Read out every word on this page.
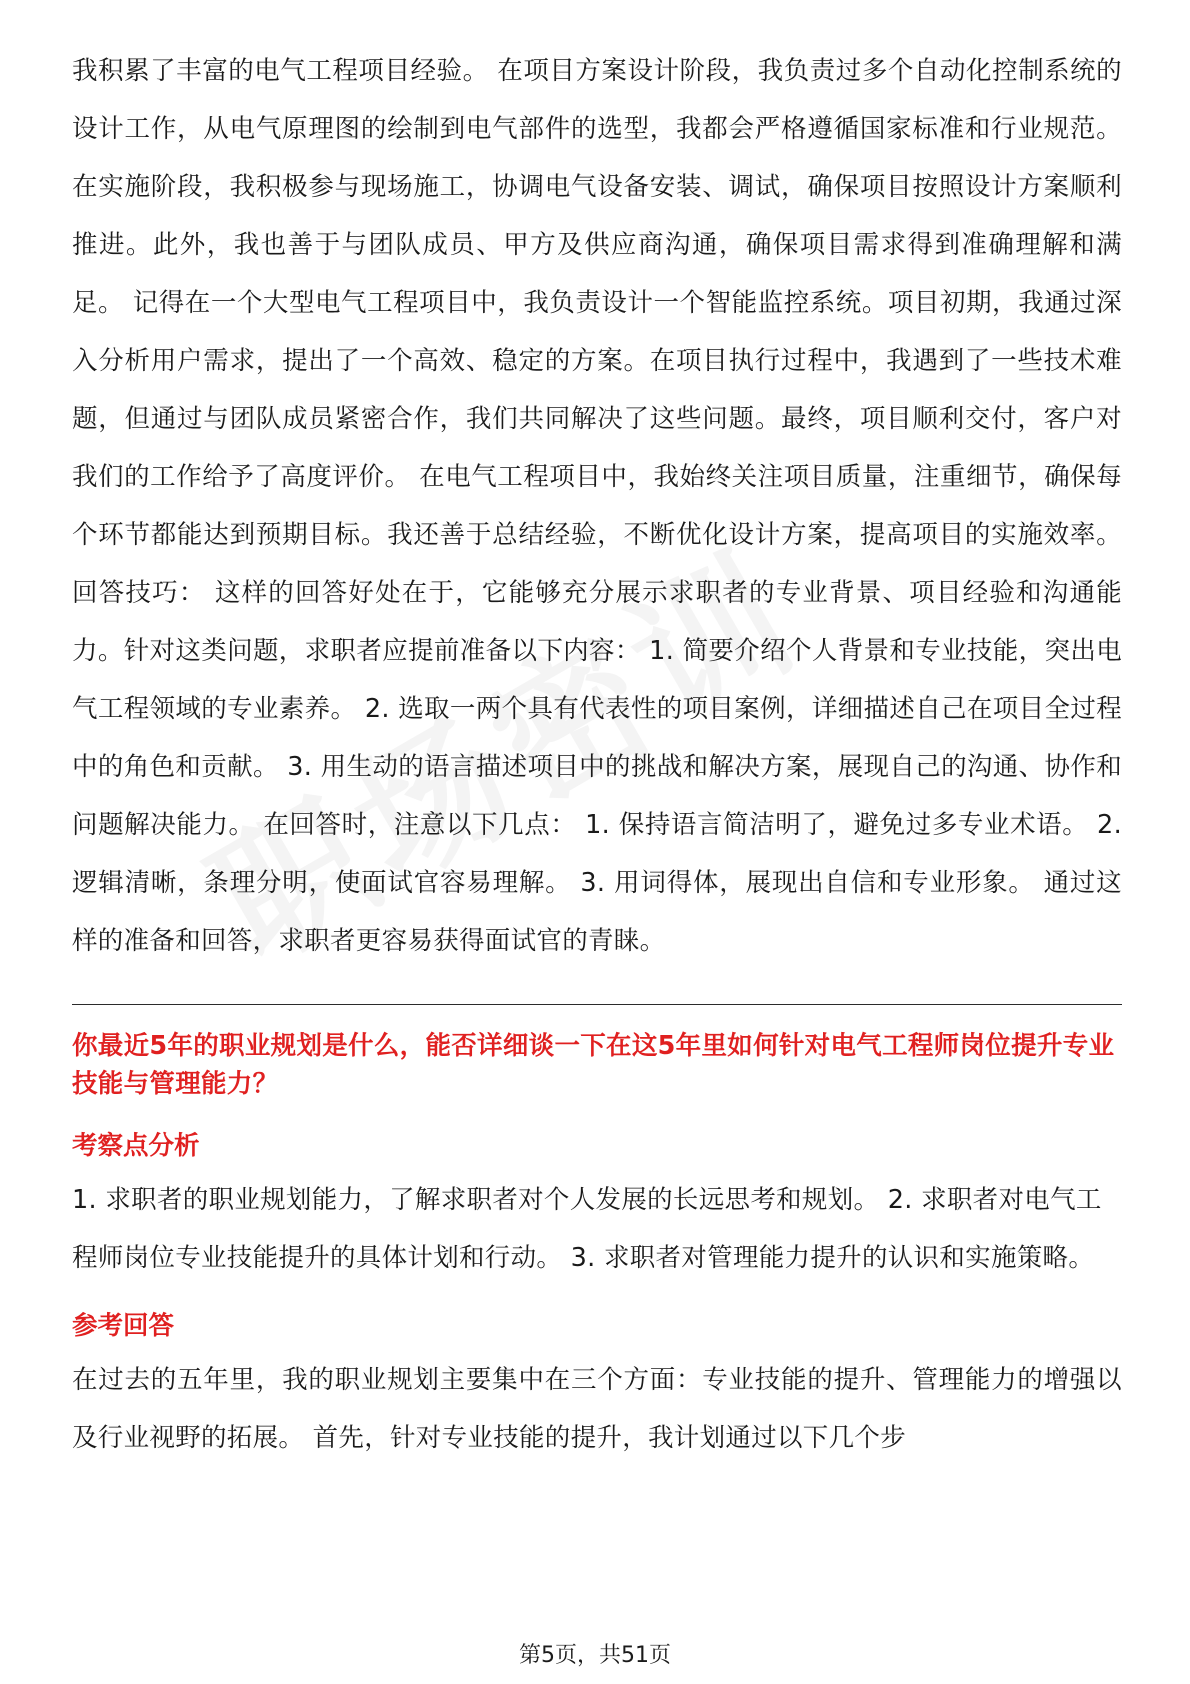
我积累了丰富的电气工程项目经验。 在项目方案设计阶段，我负责过多个自动化控制系统的设计工作，从电气原理图的绘制到电气部件的选型，我都会严格遵循国家标准和行业规范。在实施阶段，我积极参与现场施工，协调电气设备安装、调试，确保项目按照设计方案顺利推进。此外，我也善于与团队成员、甲方及供应商沟通，确保项目需求得到准确理解和满足。 记得在一个大型电气工程项目中，我负责设计一个智能监控系统。项目初期，我通过深入分析用户需求，提出了一个高效、稳定的方案。在项目执行过程中，我遇到了一些技术难题，但通过与团队成员紧密合作，我们共同解决了这些问题。最终，项目顺利交付，客户对我们的工作给予了高度评价。 在电气工程项目中，我始终关注项目质量，注重细节，确保每个环节都能达到预期目标。我还善于总结经验，不断优化设计方案，提高项目的实施效率。 回答技巧： 这样的回答好处在于，它能够充分展示求职者的专业背景、项目经验和沟通能力。针对这类问题，求职者应提前准备以下内容： 1. 简要介绍个人背景和专业技能，突出电气工程领域的专业素养。 2. 选取一两个具有代表性的项目案例，详细描述自己在项目全过程中的角色和贡献。 3. 用生动的语言描述项目中的挑战和解决方案，展现自己的沟通、协作和问题解决能力。 在回答时，注意以下几点： 1. 保持语言简洁明了，避免过多专业术语。 2. 逻辑清晰，条理分明，使面试官容易理解。 3. 用词得体，展现出自信和专业形象。 通过这样的准备和回答，求职者更容易获得面试官的青睐。

你最近5年的职业规划是什么，能否详细谈一下在这5年里如何针对电气工程师岗位提升专业技能与管理能力？

考察点分析

1. 求职者的职业规划能力，了解求职者对个人发展的长远思考和规划。 2. 求职者对电气工程师岗位专业技能提升的具体计划和行动。 3. 求职者对管理能力提升的认识和实施策略。

参考回答

在过去的五年里，我的职业规划主要集中在三个方面：专业技能的提升、管理能力的增强以及行业视野的拓展。 首先，针对专业技能的提升，我计划通过以下几个步

第5页，共51页
